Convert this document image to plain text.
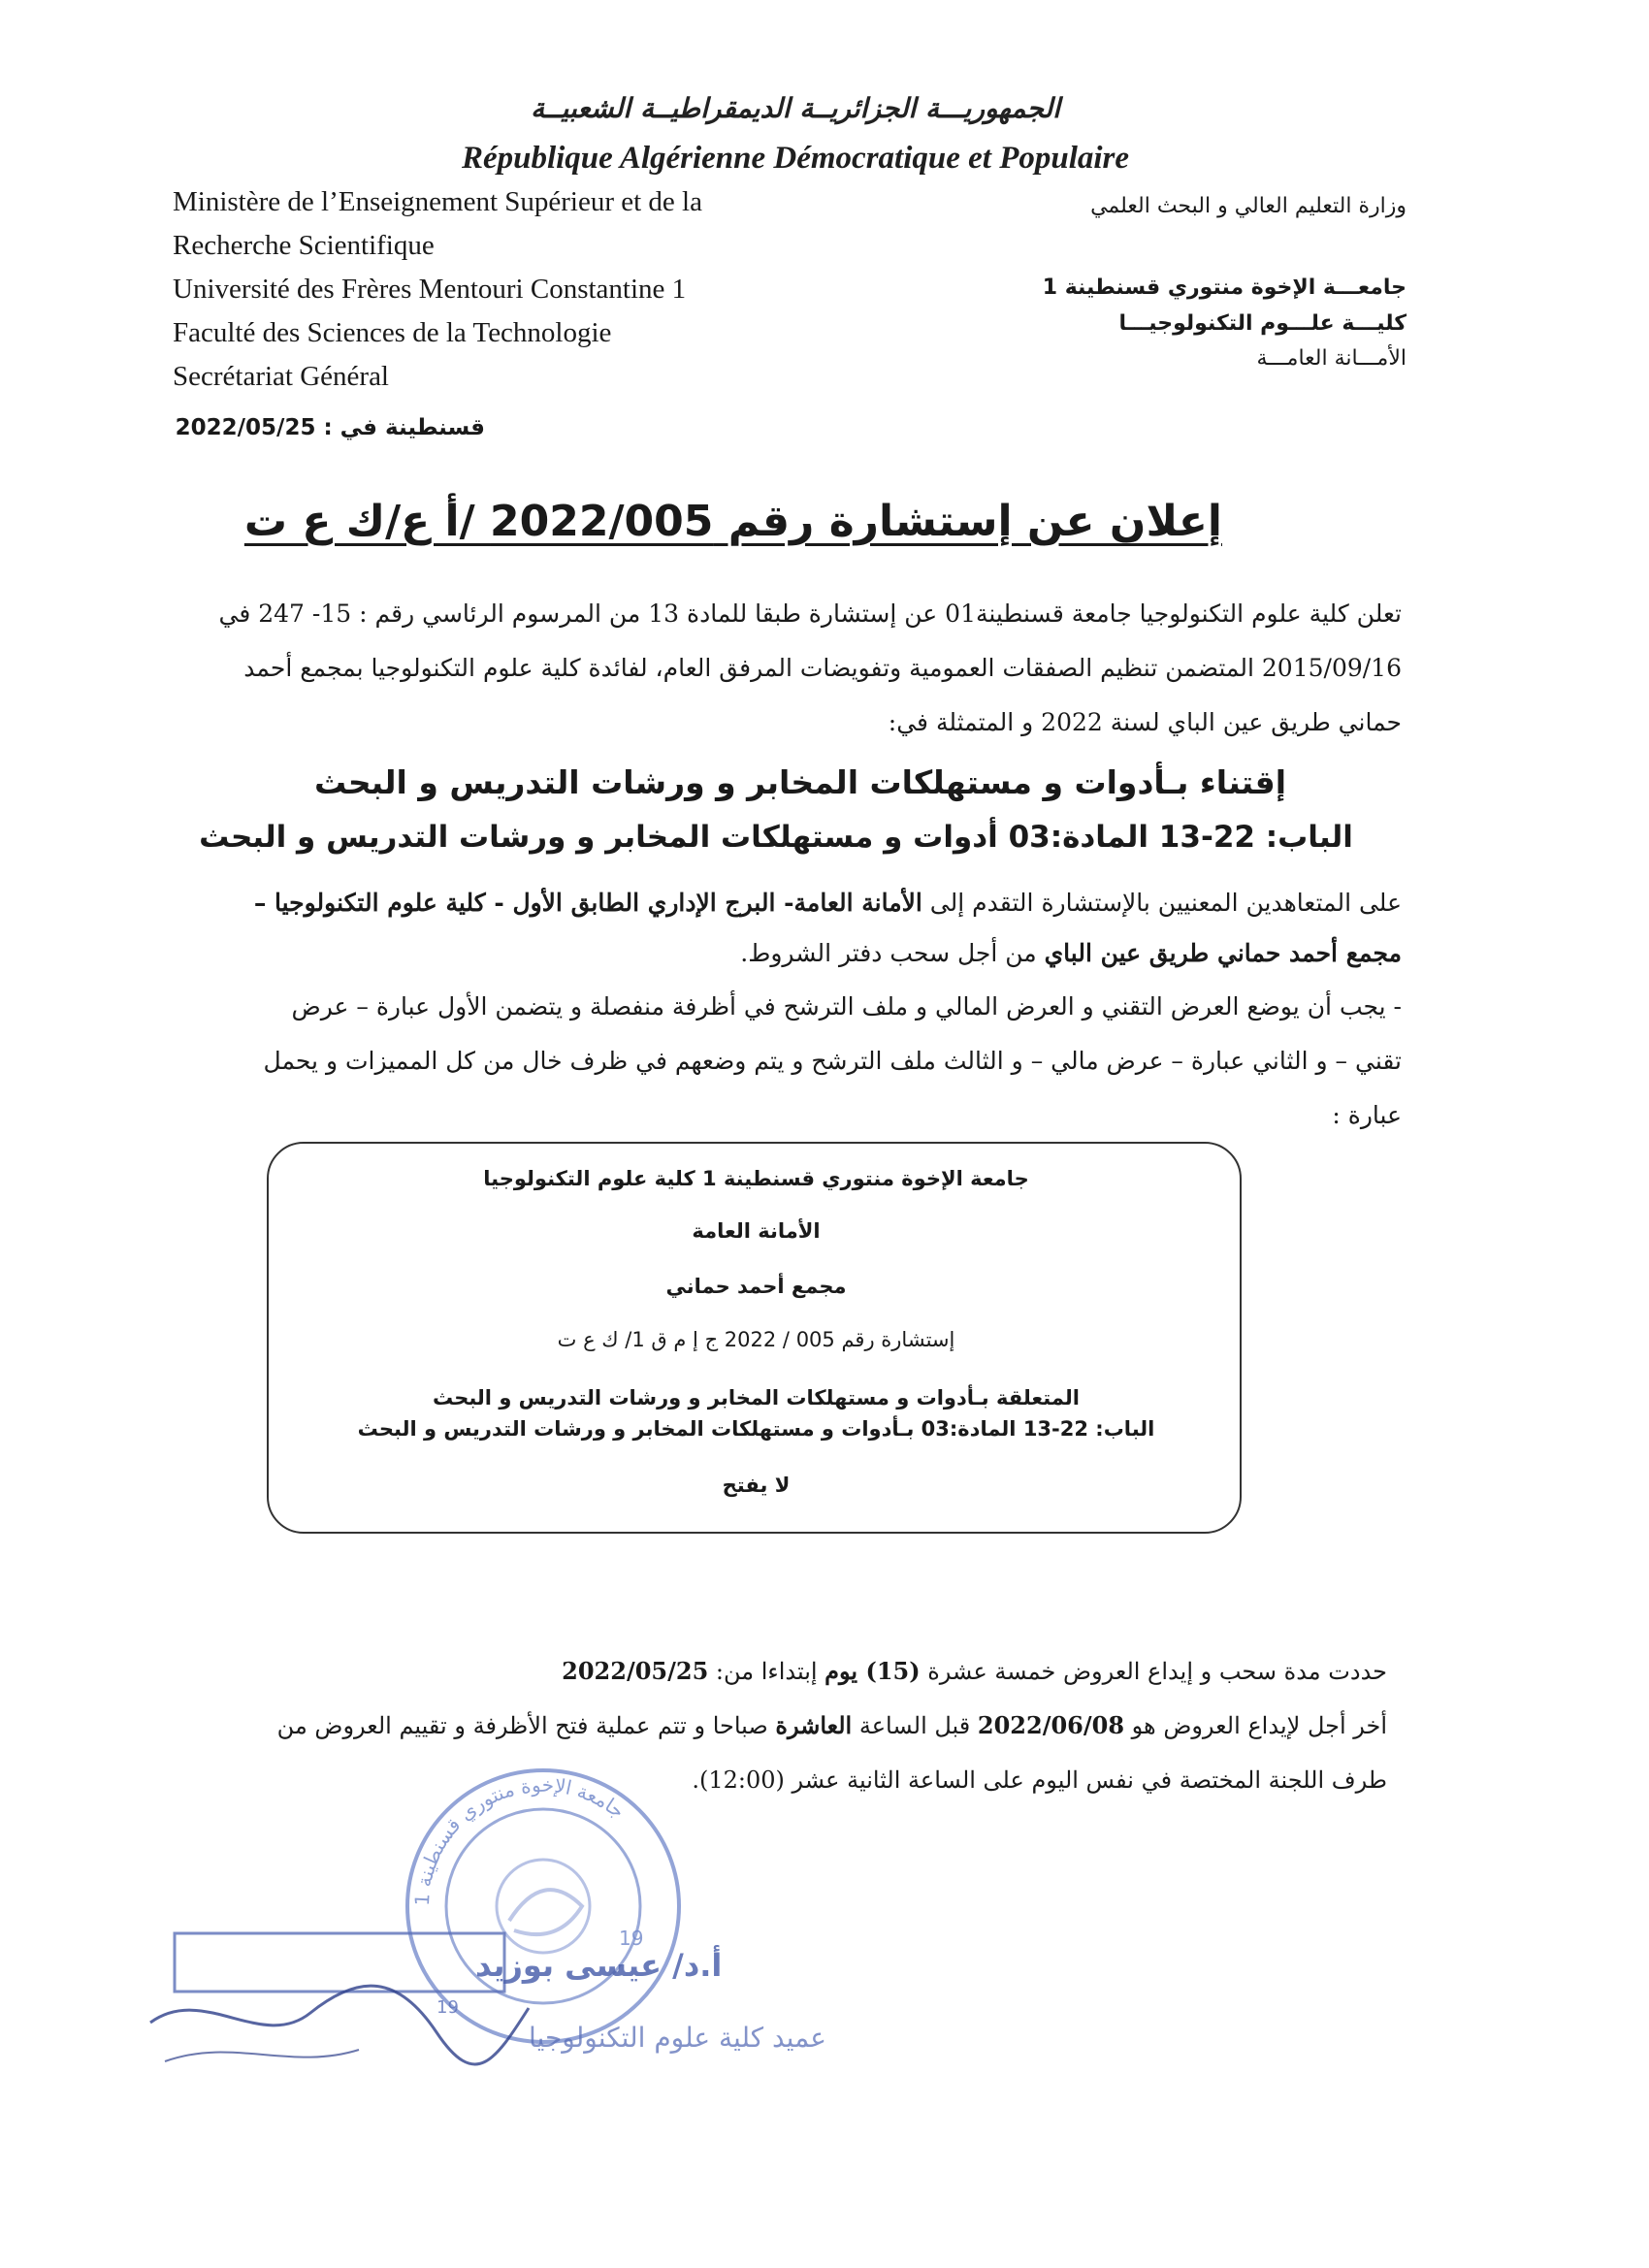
الجمهوريـــة الجزائريــة الديمقراطيــة الشعبيــة
République Algérienne Démocratique et Populaire
Ministère de l’Enseignement Supérieur et de la
Recherche Scientifique
Université des Frères Mentouri Constantine 1
Faculté des Sciences de la Technologie
Secrétariat Général
وزارة التعليم العالي و البحث العلمي
جامعـــة الإخوة منتوري قسنطينة 1
كليـــة علـــوم التكنولوجيـــا
الأمـــانة العامـــة
قسنطينة في : 2022/05/25
إعلان عن إستشارة رقم 2022/005 /أ ع/ك ع ت
تعلن كلية علوم التكنولوجيا جامعة قسنطينة01 عن إستشارة طبقا للمادة 13 من المرسوم الرئاسي رقم : 15- 247 في
2015/09/16 المتضمن تنظيم الصفقات العمومية وتفويضات المرفق العام، لفائدة كلية علوم التكنولوجيا بمجمع أحمد
حماني طريق عين الباي لسنة 2022 و المتمثلة في:
إقتناء بـأدوات و مستهلكات المخابر و ورشات التدريس و البحث
الباب: 22-13 المادة:03 أدوات و مستهلكات المخابر و ورشات التدريس و البحث
على المتعاهدين المعنيين بالإستشارة التقدم إلى الأمانة العامة- البرج الإداري الطابق الأول - كلية علوم التكنولوجيا –
مجمع أحمد حماني طريق عين الباي من أجل سحب دفتر الشروط.
- يجب أن يوضع العرض التقني و العرض المالي و ملف الترشح في أظرفة منفصلة و يتضمن الأول عبارة – عرض
تقني – و الثاني عبارة – عرض مالي – و الثالث ملف الترشح و يتم وضعهم في ظرف خال من كل المميزات و يحمل
عبارة :
جامعة الإخوة منتوري قسنطينة 1 كلية علوم التكنولوجيا
الأمانة العامة
مجمع أحمد حماني
إستشارة رقم 005 / 2022 ج إ م ق 1/ ك ع ت
المتعلقة بـأدوات و مستهلكات المخابر و ورشات التدريس و البحث
الباب: 22-13 المادة:03 بـأدوات و مستهلكات المخابر و ورشات التدريس و البحث
لا يفتح
حددت مدة سحب و إيداع العروض خمسة عشرة (15) يوم إبتداءا من: 2022/05/25
أخر أجل لإيداع العروض هو 2022/06/08 قبل الساعة العاشرة صباحا و تتم عملية فتح الأظرفة و تقييم العروض من
طرف اللجنة المختصة في نفس اليوم على الساعة الثانية عشر (12:00).
جامعة الإخوة منتوري قسنطينة 1
19
أ.د/ عيسى بوزيد
19
عميد كلية علوم التكنولوجيا
